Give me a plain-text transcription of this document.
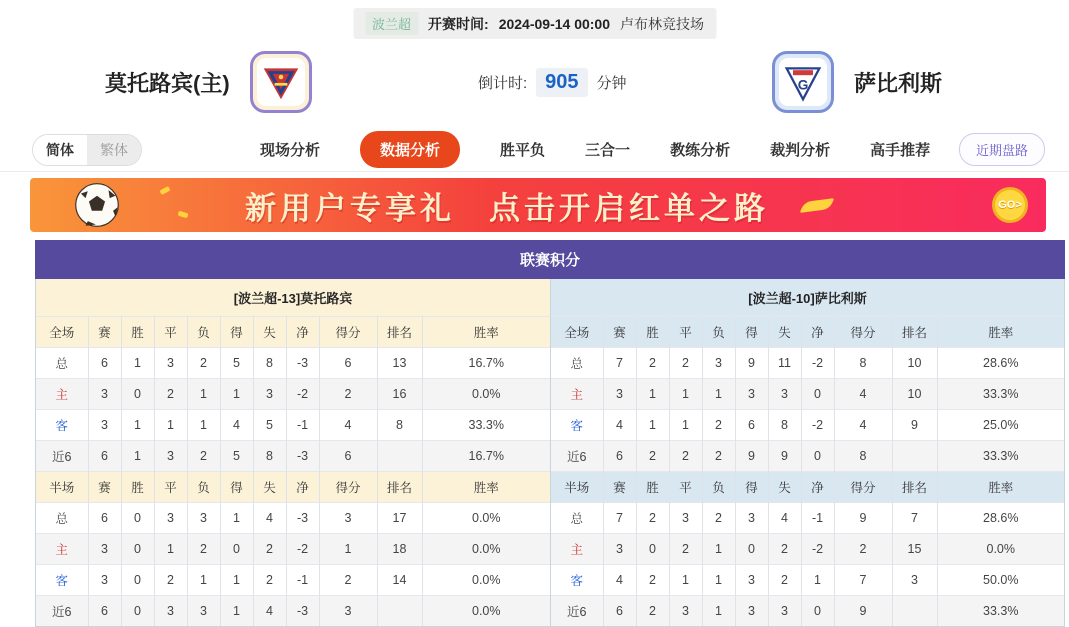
波兰超	开赛时间: 2024-09-14 00:00 卢布林竞技场
莫托路宾(主)	倒计时: 905	分钟	G 萨比利斯
简体	繁体	现场分析	数据分析	胜平负	三合一	教练分析	裁判分析	高手推荐	近期盘路
新用户专享礼 点击开启红单之路	GO>
联赛积分
[波兰超-13]莫托路宾										
全场	赛	胜	平	负	得	失	净	得分	排名	胜率
总	6	1	3	2	5	8	-3	6	13	16.7%
主	3	0	2	1	1	3	-2	2	16	0.0%
客	3	1	1	1	4	5	-1	4	8	33.3%
近6	6	1	3	2	5	8	-3	6		16.7%
半场	赛	胜	平	负	得	失	净	得分	排名	胜率
总	6	0	3	3	1	4	-3	3	17	0.0%
主	3	0	1	2	0	2	-2	1	18	0.0%
客	3	0	2	1	1	2	-1	2	14	0.0%
近6	6	0	3	3	1	4	-3	3		0.0%
[波兰超-10]萨比利斯										
全场	赛	胜	平	负	得	失	净	得分	排名	胜率
总	7	2	2	3	9	11	-2	8	10	28.6%
主	3	1	1	1	3	3	0	4	10	33.3%
客	4	1	1	2	6	8	-2	4	9	25.0%
近6	6	2	2	2	9	9	0	8		33.3%
半场	赛	胜	平	负	得	失	净	得分	排名	胜率
总	7	2	3	2	3	4	-1	9	7	28.6%
主	3	0	2	1	0	2	-2	2	15	0.0%
客	4	2	1	1	3	2	1	7	3	50.0%
近6	6	2	3	1	3	3	0	9		33.3%
